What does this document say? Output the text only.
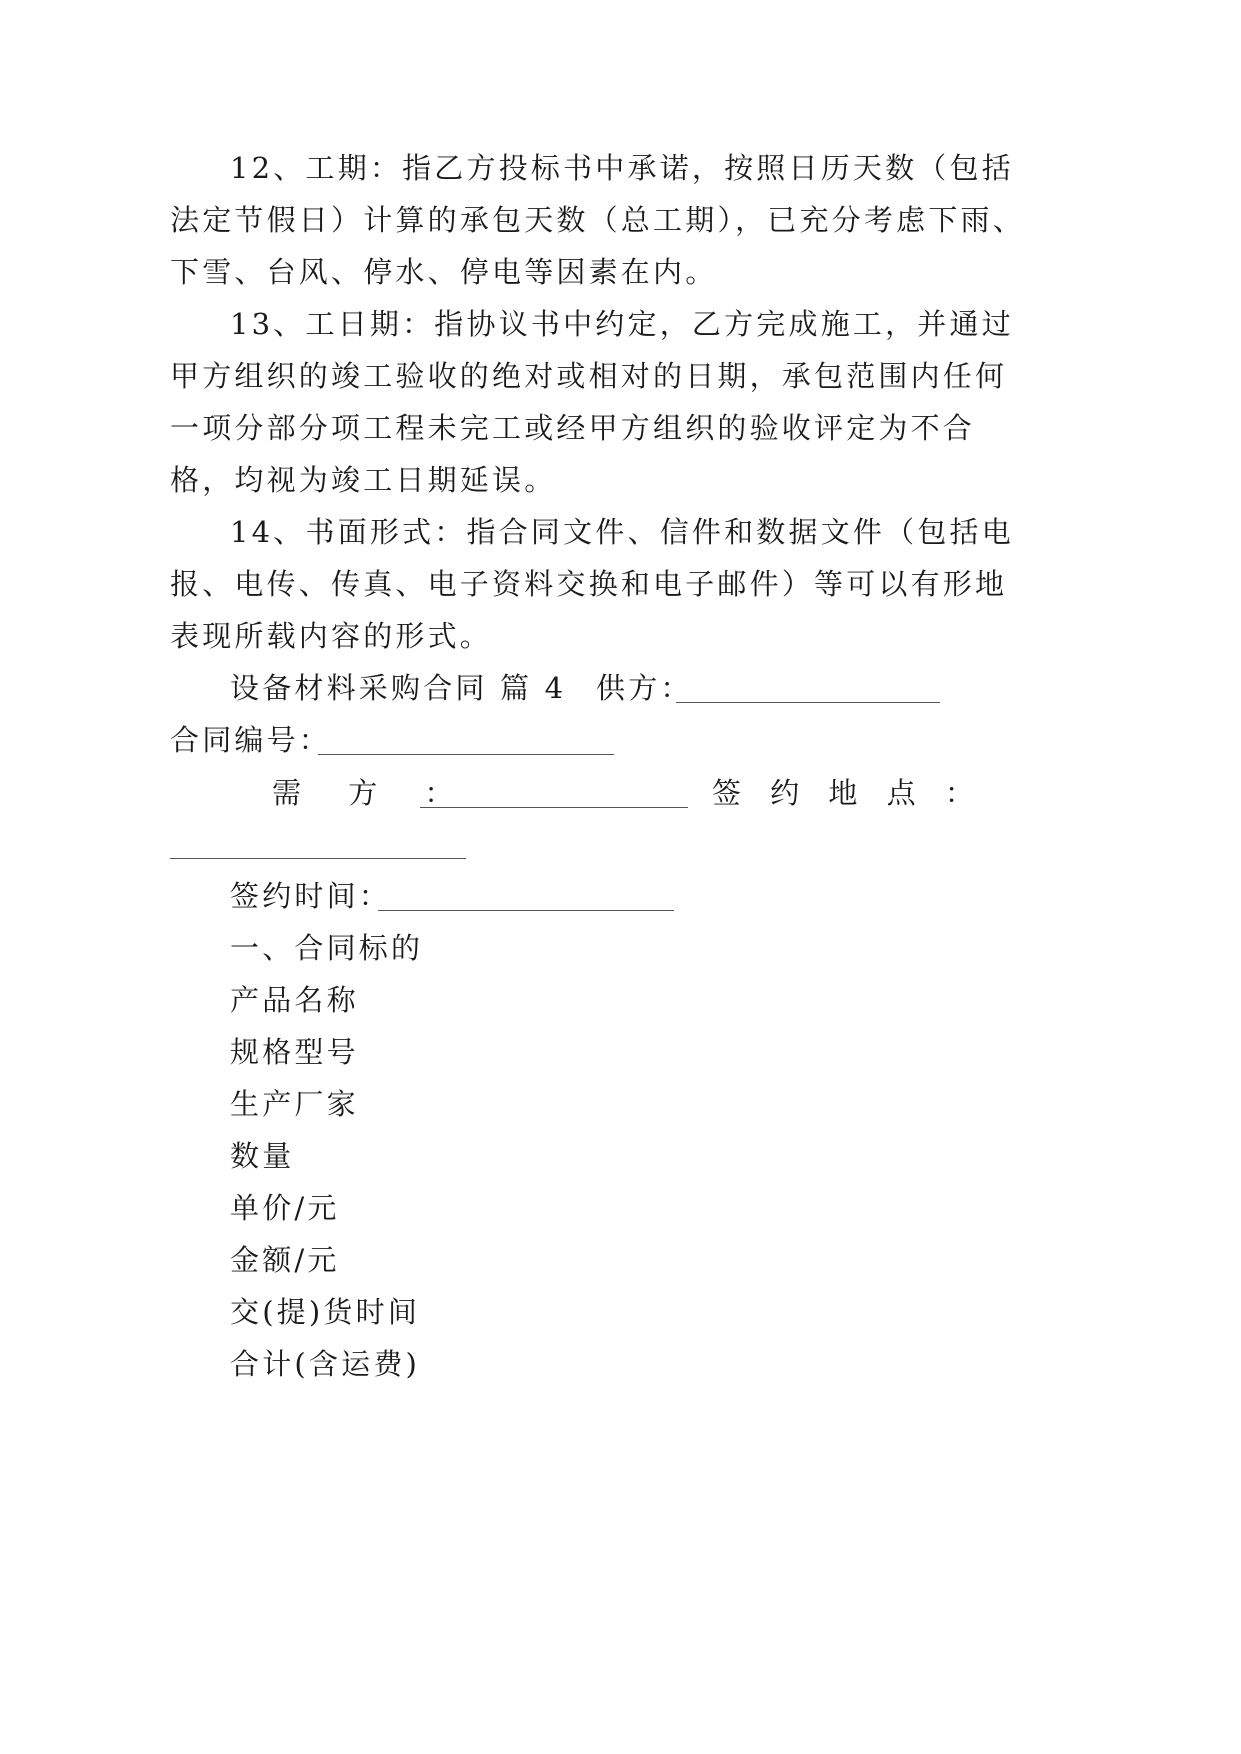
12、工期：指乙方投标书中承诺，按照日历天数（包括
法定节假日）计算的承包天数（总工期），已充分考虑下雨、
下雪、台风、停水、停电等因素在内。
13、工日期：指协议书中约定，乙方完成施工，并通过
甲方组织的竣工验收的绝对或相对的日期，承包范围内任何
一项分部分项工程未完工或经甲方组织的验收评定为不合
格，均视为竣工日期延误。
14、书面形式：指合同文件、信件和数据文件（包括电
报、电传、传真、电子资料交换和电子邮件）等可以有形地
表现所载内容的形式。
设备材料采购合同 篇 4 供方：
合同编号：
需 方 ：	签 约 地 点 ：
签约时间：
一、合同标的
产品名称
规格型号
生产厂家
数量
单价/元
金额/元
交(提)货时间
合计(含运费)
